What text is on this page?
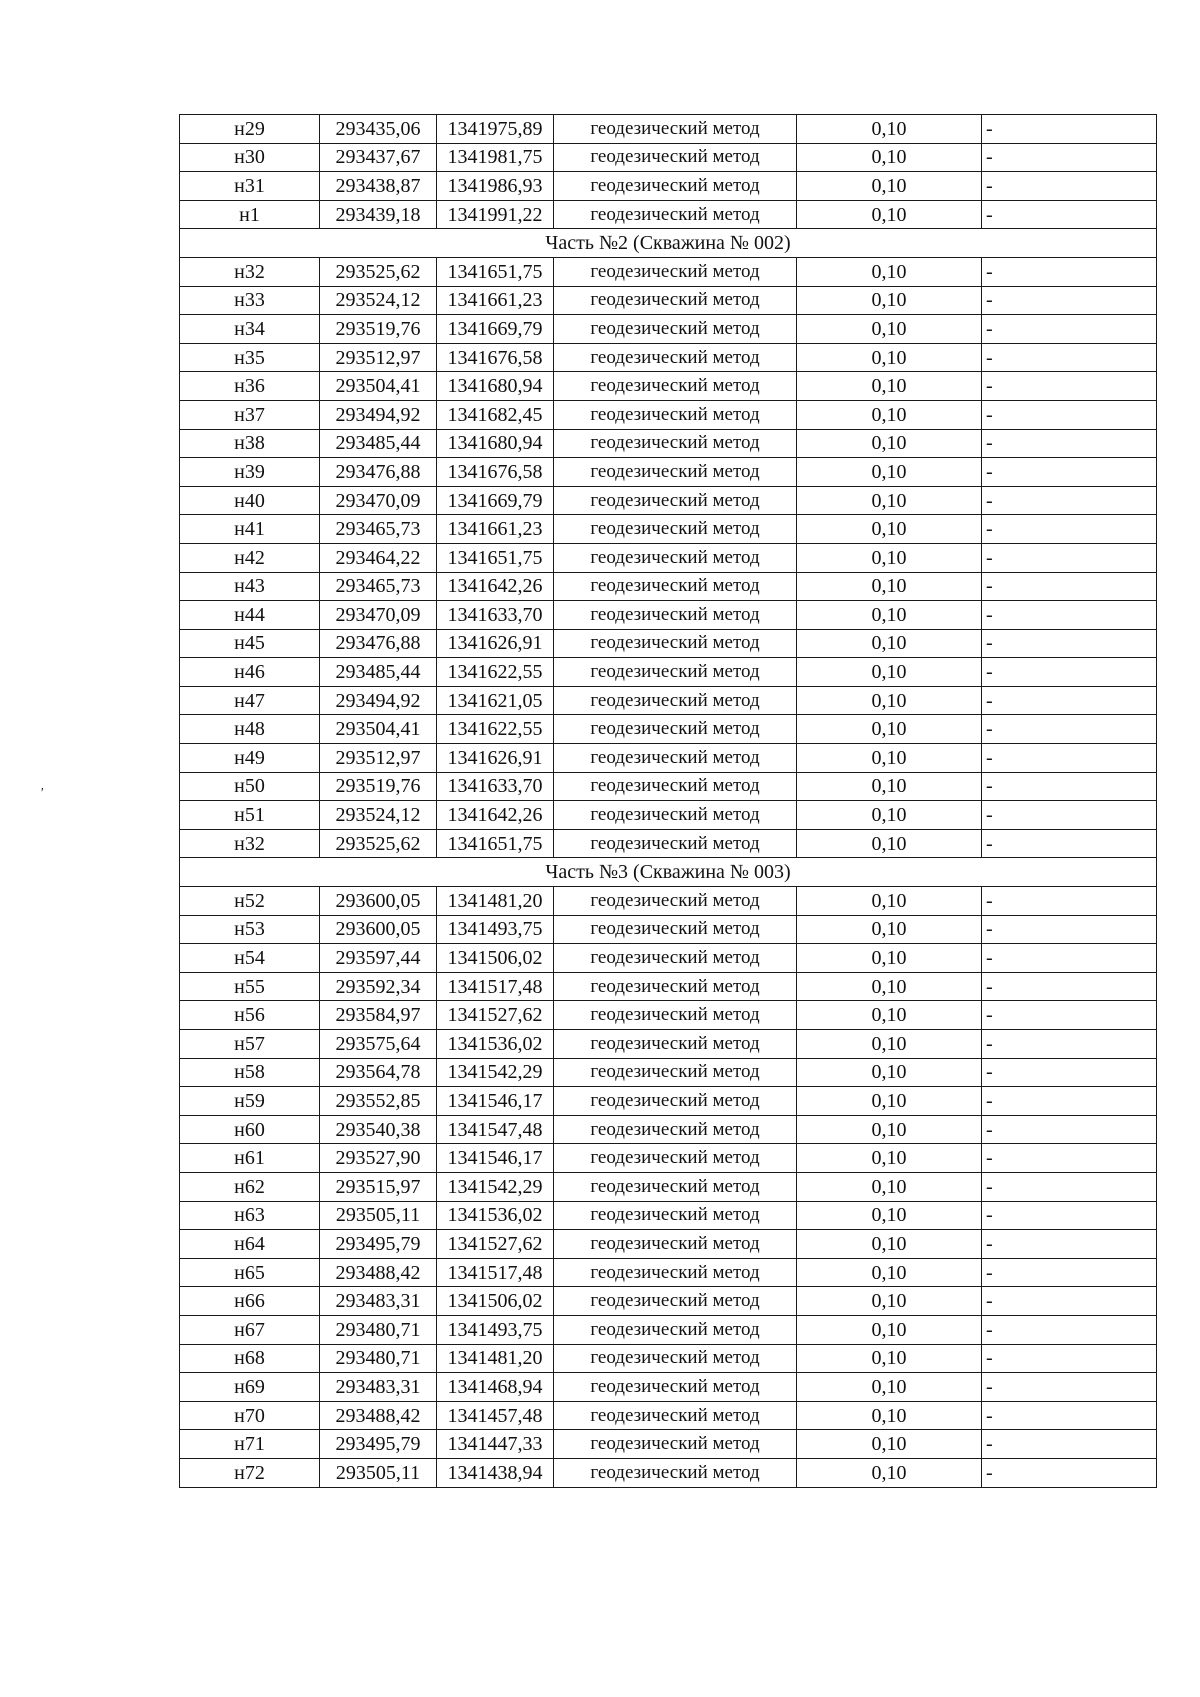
'
н29	293435,06	1341975,89	геодезический метод	0,10	-
н30	293437,67	1341981,75	геодезический метод	0,10	-
н31	293438,87	1341986,93	геодезический метод	0,10	-
н1	293439,18	1341991,22	геодезический метод	0,10	-
Часть №2 (Скважина № 002)					
н32	293525,62	1341651,75	геодезический метод	0,10	-
н33	293524,12	1341661,23	геодезический метод	0,10	-
н34	293519,76	1341669,79	геодезический метод	0,10	-
н35	293512,97	1341676,58	геодезический метод	0,10	-
н36	293504,41	1341680,94	геодезический метод	0,10	-
н37	293494,92	1341682,45	геодезический метод	0,10	-
н38	293485,44	1341680,94	геодезический метод	0,10	-
н39	293476,88	1341676,58	геодезический метод	0,10	-
н40	293470,09	1341669,79	геодезический метод	0,10	-
н41	293465,73	1341661,23	геодезический метод	0,10	-
н42	293464,22	1341651,75	геодезический метод	0,10	-
н43	293465,73	1341642,26	геодезический метод	0,10	-
н44	293470,09	1341633,70	геодезический метод	0,10	-
н45	293476,88	1341626,91	геодезический метод	0,10	-
н46	293485,44	1341622,55	геодезический метод	0,10	-
н47	293494,92	1341621,05	геодезический метод	0,10	-
н48	293504,41	1341622,55	геодезический метод	0,10	-
н49	293512,97	1341626,91	геодезический метод	0,10	-
н50	293519,76	1341633,70	геодезический метод	0,10	-
н51	293524,12	1341642,26	геодезический метод	0,10	-
н32	293525,62	1341651,75	геодезический метод	0,10	-
Часть №3 (Скважина № 003)					
н52	293600,05	1341481,20	геодезический метод	0,10	-
н53	293600,05	1341493,75	геодезический метод	0,10	-
н54	293597,44	1341506,02	геодезический метод	0,10	-
н55	293592,34	1341517,48	геодезический метод	0,10	-
н56	293584,97	1341527,62	геодезический метод	0,10	-
н57	293575,64	1341536,02	геодезический метод	0,10	-
н58	293564,78	1341542,29	геодезический метод	0,10	-
н59	293552,85	1341546,17	геодезический метод	0,10	-
н60	293540,38	1341547,48	геодезический метод	0,10	-
н61	293527,90	1341546,17	геодезический метод	0,10	-
н62	293515,97	1341542,29	геодезический метод	0,10	-
н63	293505,11	1341536,02	геодезический метод	0,10	-
н64	293495,79	1341527,62	геодезический метод	0,10	-
н65	293488,42	1341517,48	геодезический метод	0,10	-
н66	293483,31	1341506,02	геодезический метод	0,10	-
н67	293480,71	1341493,75	геодезический метод	0,10	-
н68	293480,71	1341481,20	геодезический метод	0,10	-
н69	293483,31	1341468,94	геодезический метод	0,10	-
н70	293488,42	1341457,48	геодезический метод	0,10	-
н71	293495,79	1341447,33	геодезический метод	0,10	-
н72	293505,11	1341438,94	геодезический метод	0,10	-
